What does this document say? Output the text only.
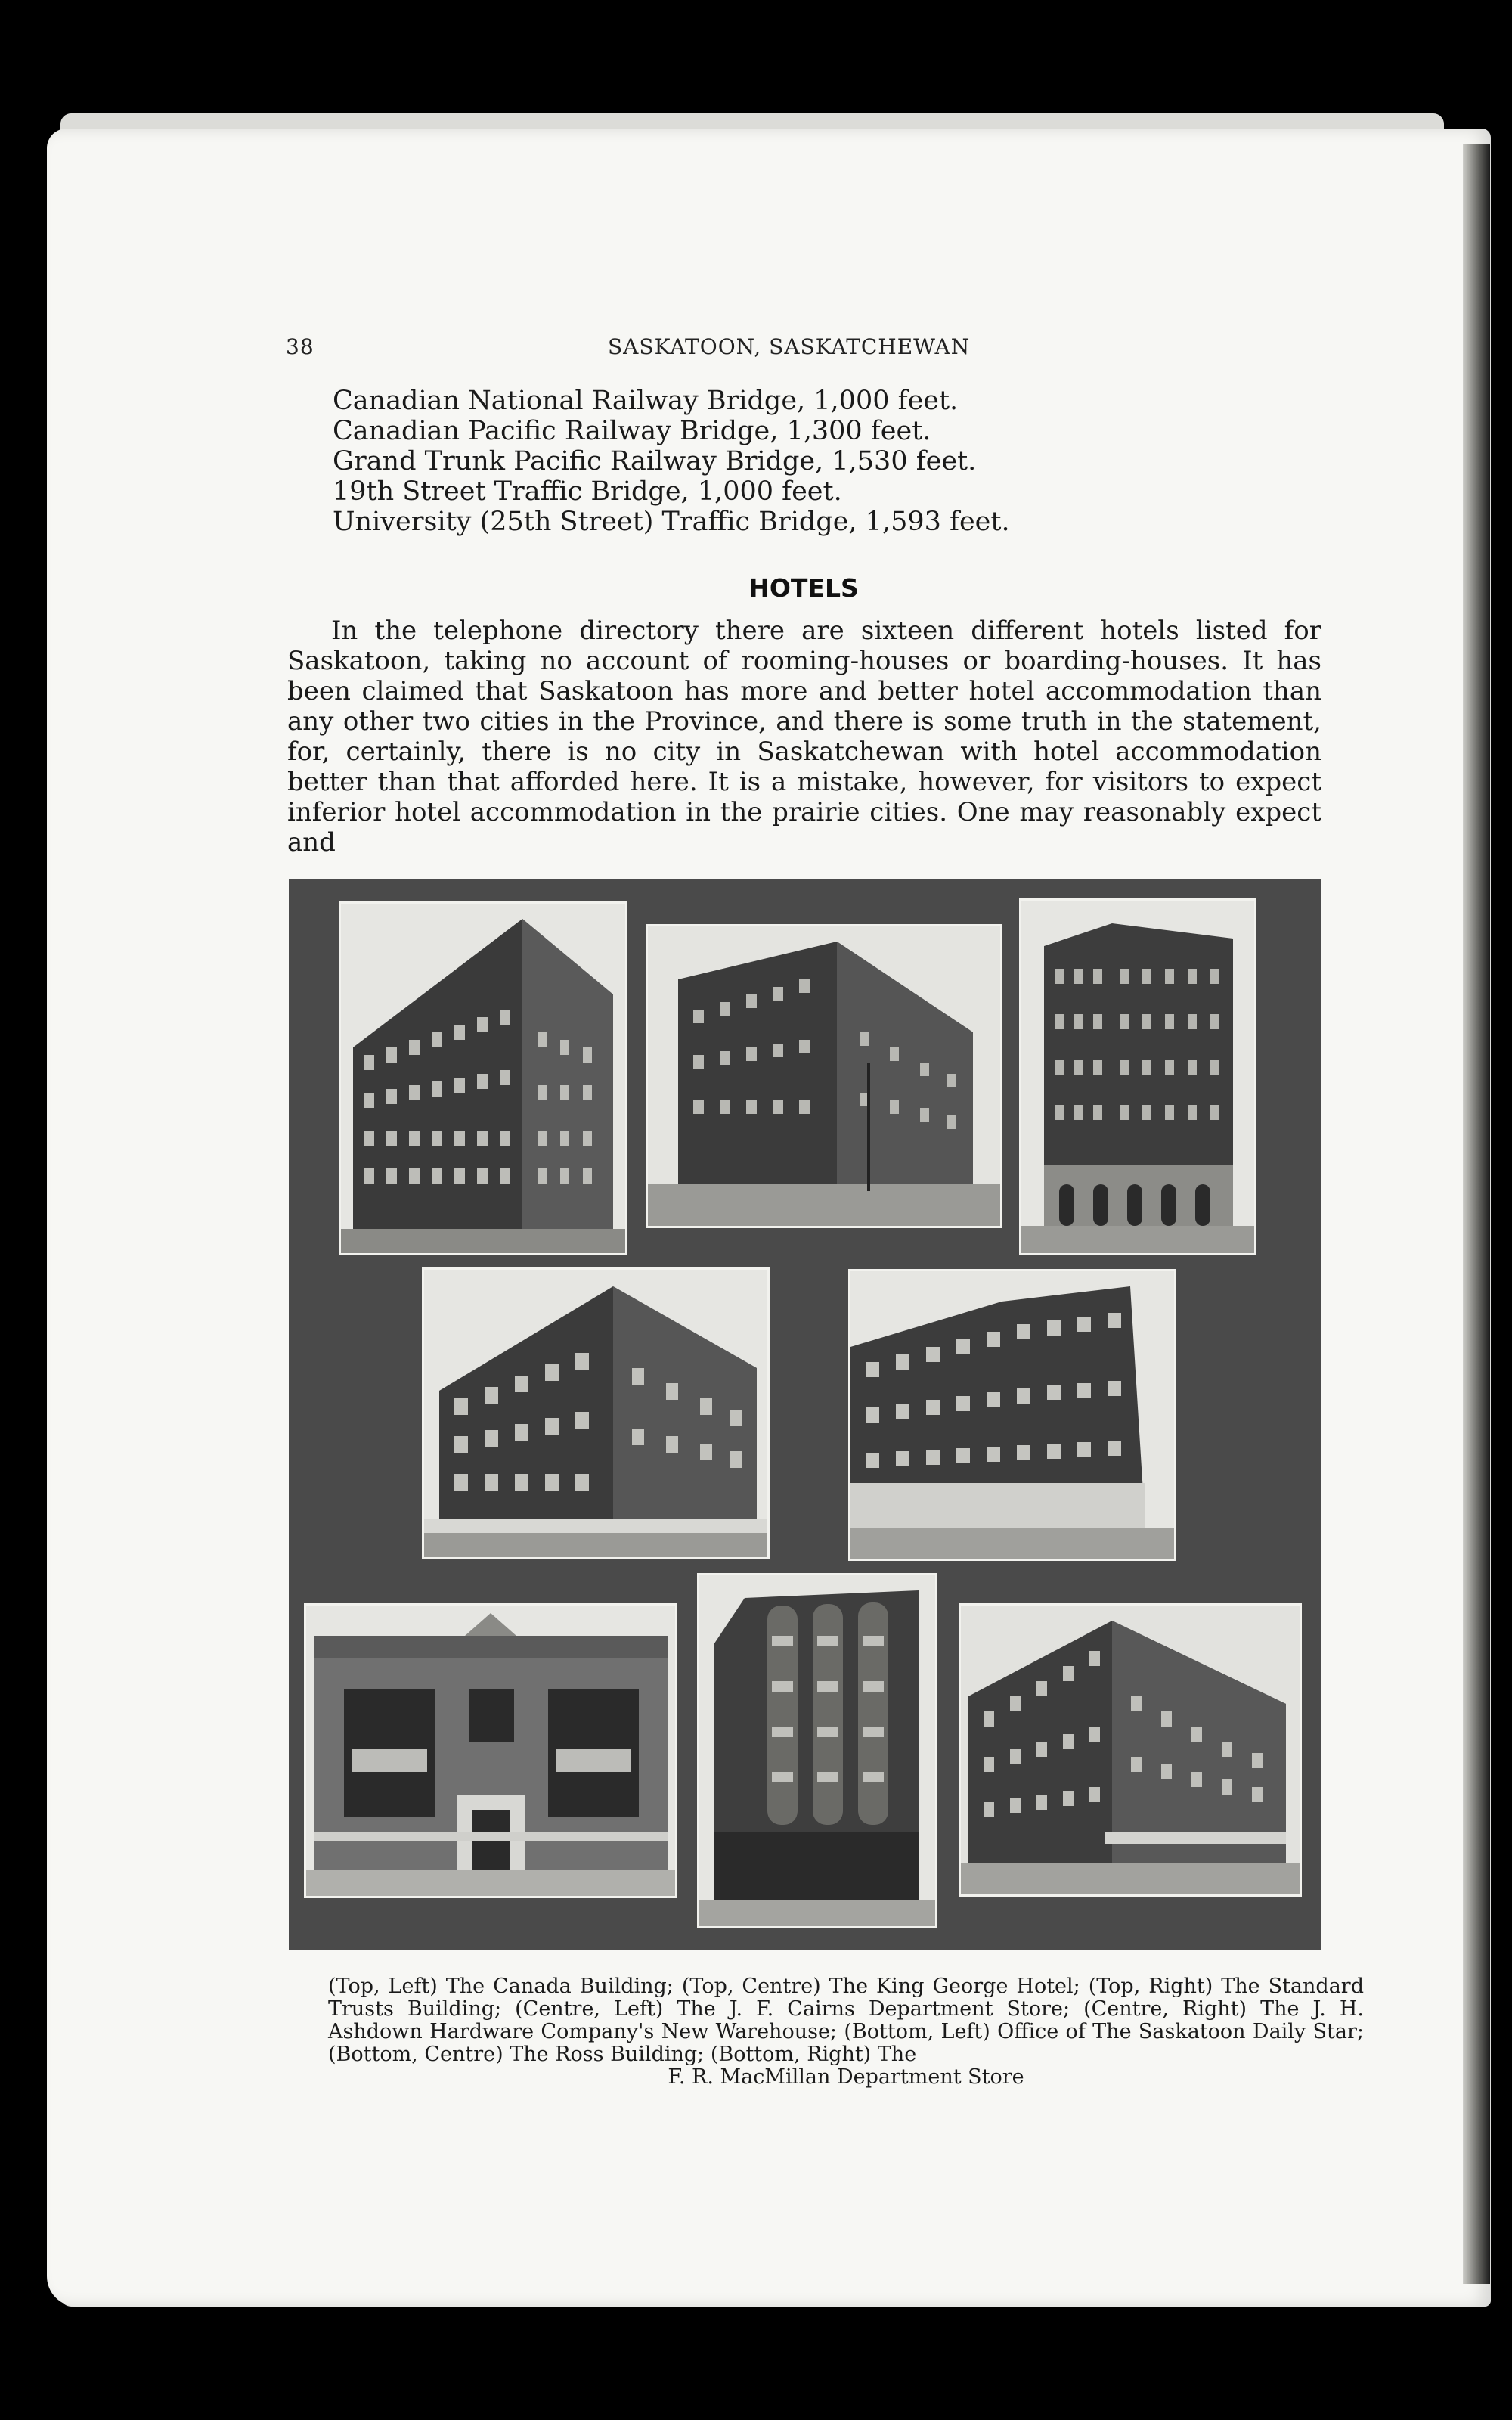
38	SASKATOON, SASKATCHEWAN
Canadian National Railway Bridge, 1,000 feet.
Canadian Pacific Railway Bridge, 1,300 feet.
Grand Trunk Pacific Railway Bridge, 1,530 feet.
19th Street Traffic Bridge, 1,000 feet.
University (25th Street) Traffic Bridge, 1,593 feet.
HOTELS
In the telephone directory there are sixteen different hotels listed for Saskatoon, taking no account of rooming-houses or boarding-houses. It has been claimed that Saskatoon has more and better hotel accommodation than any other two cities in the Province, and there is some truth in the statement, for, certainly, there is no city in Saskatchewan with hotel accommodation better than that afforded here. It is a mistake, however, for visitors to expect inferior hotel accommodation in the prairie cities. One may reasonably expect and
(Top, Left) The Canada Building; (Top, Centre) The King George Hotel; (Top, Right) The Standard Trusts Building; (Centre, Left) The J. F. Cairns Department Store; (Centre, Right) The J. H. Ashdown Hardware Company's New Warehouse; (Bottom, Left) Office of The Saskatoon Daily Star; (Bottom, Centre) The Ross Building; (Bottom, Right) The
F. R. MacMillan Department Store
